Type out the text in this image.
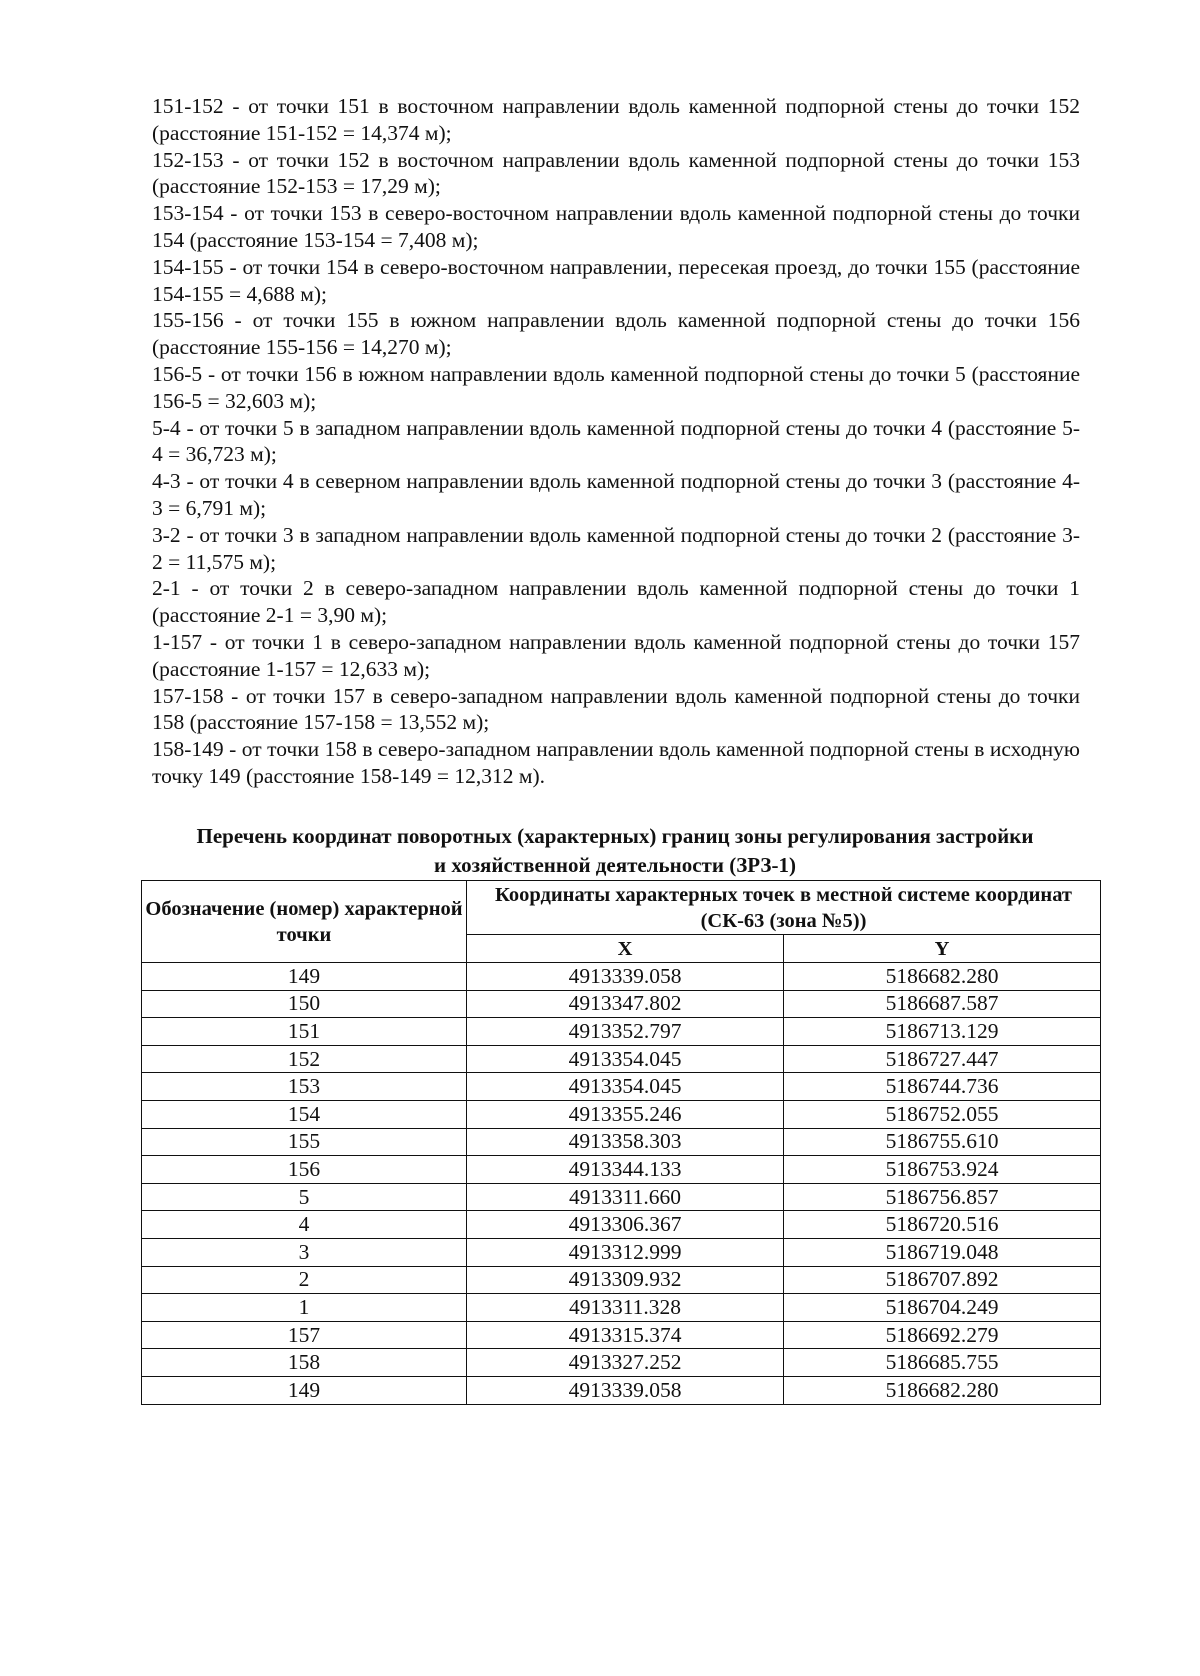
151-152 - от точки 151 в восточном направлении вдоль каменной подпорной стены до точки 152 (расстояние 151-152 = 14,374 м);

152-153 - от точки 152 в восточном направлении вдоль каменной подпорной стены до точки 153 (расстояние 152-153 = 17,29 м);

153-154 - от точки 153 в северо-восточном направлении вдоль каменной подпорной стены до точки 154 (расстояние 153-154 = 7,408 м);

154-155 - от точки 154 в северо-восточном направлении, пересекая проезд, до точки 155 (расстояние 154-155 = 4,688 м);

155-156 - от точки 155 в южном направлении вдоль каменной подпорной стены до точки 156 (расстояние 155-156 = 14,270 м);

156-5 - от точки 156 в южном направлении вдоль каменной подпорной стены до точки 5 (расстояние 156-5 = 32,603 м);

5-4 - от точки 5 в западном направлении вдоль каменной подпорной стены до точки 4 (расстояние 5-4 = 36,723 м);

4-3 - от точки 4 в северном направлении вдоль каменной подпорной стены до точки 3 (расстояние 4-3 = 6,791 м);

3-2 - от точки 3 в западном направлении вдоль каменной подпорной стены до точки 2 (расстояние 3-2 = 11,575 м);

2-1 - от точки 2 в северо-западном направлении вдоль каменной подпорной стены до точки 1 (расстояние 2-1 = 3,90 м);

1-157 - от точки 1 в северо-западном направлении вдоль каменной подпорной стены до точки 157 (расстояние 1-157 = 12,633 м);

157-158 - от точки 157 в северо-западном направлении вдоль каменной подпорной стены до точки 158 (расстояние 157-158 = 13,552 м);

158-149 - от точки 158 в северо-западном направлении вдоль каменной подпорной стены в исходную точку 149 (расстояние 158-149 = 12,312 м).

Перечень координат поворотных (характерных) границ зоны регулирования застройки
и хозяйственной деятельности (ЗРЗ-1)
Обозначение (номер) характерной точки	Координаты характерных точек в местной системе координат (СК-63 (зона №5))	
	X	Y
149	4913339.058	5186682.280
150	4913347.802	5186687.587
151	4913352.797	5186713.129
152	4913354.045	5186727.447
153	4913354.045	5186744.736
154	4913355.246	5186752.055
155	4913358.303	5186755.610
156	4913344.133	5186753.924
5	4913311.660	5186756.857
4	4913306.367	5186720.516
3	4913312.999	5186719.048
2	4913309.932	5186707.892
1	4913311.328	5186704.249
157	4913315.374	5186692.279
158	4913327.252	5186685.755
149	4913339.058	5186682.280
